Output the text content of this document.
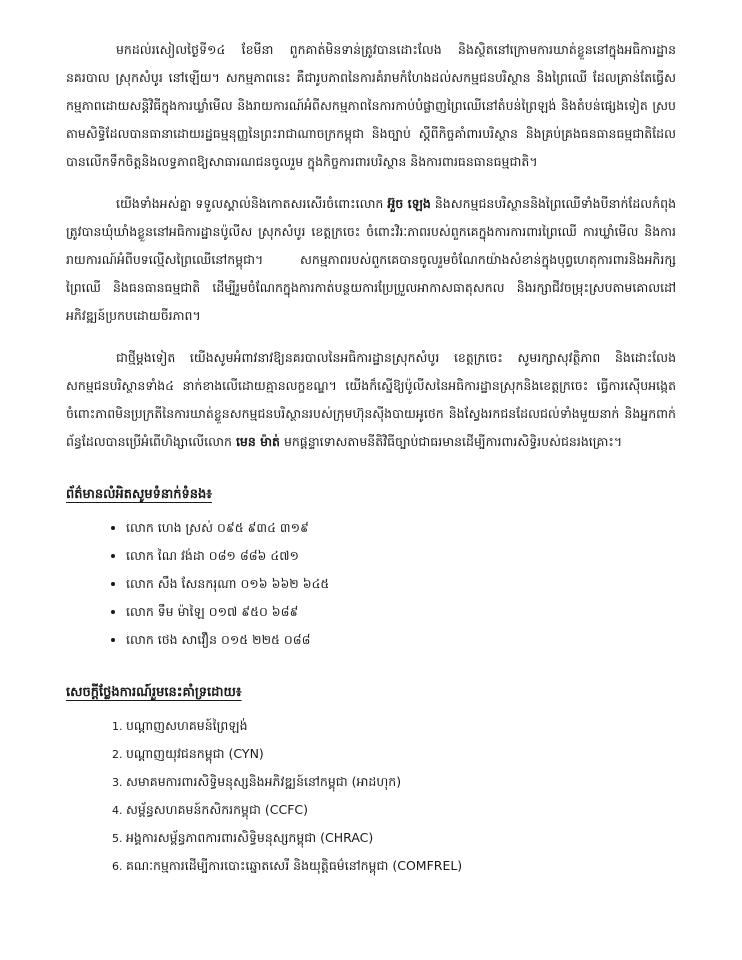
មកដល់រសៀលថ្ងៃទី១៤ ខែមីនា ពួកគាត់មិនទាន់ត្រូវបានដោះលែង និងស្ថិតនៅក្រោមការឃាត់ខ្លួននៅក្នុងអធិការដ្ឋាននគរបាល ស្រុកសំបូរ នៅឡើយ។ សកម្មភាពនេះ គឺជារូបភាពនៃការគំរាមកំហែងដល់សកម្មជនបរិស្ថាន និងព្រៃឈើ ដែលគ្រាន់តែធ្វើសកម្មភាពដោយសន្តិវិធីក្នុងការឃ្លាំមើល និងរាយការណ៍អំពីសកម្មភាពនៃការកាប់បំផ្លាញព្រៃឈើនៅតំបន់ព្រៃឡង់ និងតំបន់ផ្សេងទៀត ស្របតាមសិទ្ធិដែលបានធានាដោយរដ្ឋធម្មនុញ្ញនៃព្រះរាជាណាចក្រកម្ពុជា និងច្បាប់ ស្តីពីកិច្ចគាំពារបរិស្ថាន និងគ្រប់គ្រងធនធានធម្មជាតិដែលបានលើកទឹកចិត្តនិងលទ្ធភាពឱ្យសាធារណជនចូលរួម ក្នុងកិច្ចការពារបរិស្ថាន និងការពារធនធានធម្មជាតិ។

យើងទាំងអស់គ្នា ទទួលស្គាល់និងកោតសរសើរចំពោះលោក អ៊ួច ឡេង និងសកម្មជនបរិស្ថាននិងព្រៃឈើទាំងបីនាក់ដែលកំពុងត្រូវបានឃុំឃាំងខ្លួននៅអធិការដ្ឋានប៉ូលីស ស្រុកសំបូរ ខេត្តក្រចេះ ចំពោះវិរៈភាពរបស់ពួកគេក្នុងការការពារព្រៃឈើ ការឃ្លាំមើល និងការរាយការណ៍អំពីបទល្មើសព្រៃឈើនៅកម្ពុជា។ សកម្មភាពរបស់ពួកគេបានចូលរួមចំណែកយ៉ាងសំខាន់ក្នុងបុព្វហេតុការពារនិងអភិរក្សព្រៃឈើ និងធនធានធម្មជាតិ ដើម្បីរួមចំណែកក្នុងការកាត់បន្ថយការប្រែប្រួលអាកាសធាតុសកល និងរក្សាជីវចម្រុះស្របតាមគោលដៅអភិវឌ្ឍន៍ប្រកបដោយចីរភាព។

ជាថ្មីម្តងទៀត យើងសូមអំពាវនាវឱ្យនគរបាលនៃអធិការដ្ឋានស្រុកសំបូរ ខេត្តក្រចេះ សូមរក្សាសុវត្ថិភាព និងដោះលែងសកម្មជនបរិស្ថានទាំង៤ នាក់ខាងលើដោយគ្មានលក្ខខណ្ឌ។ យើងក៏ស្នើឱ្យប៉ូលីសនៃអធិការដ្ឋានស្រុកនិងខេត្តក្រចេះ ធ្វើការស៊ើបអង្កេតចំពោះភាពមិនប្រក្រតីនៃការឃាត់ខ្លួនសកម្មជនបរិស្ថានរបស់ក្រុមហ៊ុនស៊ីងបាយអូថេក និងស្វែងរកជនដែលជល់ទាំងមួយនាក់ និងអ្នកពាក់ព័ន្ធដែលបានប្រើអំពើហិង្សាលើលោក មេន ម៉ាត់ មកផ្តន្ទាទោសតាមនីតិវិធីច្បាប់ជាធរមានដើម្បីការពារសិទ្ធិរបស់ជនរងគ្រោះ។

ព័ត៌មានលំអិតសូមទំនាក់ទំនង៖
• លោក ហេង ស្រស់ ០៩៥ ៩៣៤ ៣១៩
• លោក ណៃ វង់ដា ០៨១ ៨៨៦ ៤៧១
• លោក សឹង សែនករុណា ០១៦ ៦៦២ ៦៤៥
• លោក ទឹម ម៉ាឡៃ ០១៧ ៩៥០ ៦៨៩
• លោក ថេង សាវឿន ០១៥ ២២៥ ០៨៨
សេចក្តីថ្លែងការណ៍រួមនេះគាំទ្រដោយ៖
1. បណ្តាញសហគមន៍ព្រៃឡង់
2. បណ្តាញយុវជនកម្ពុជា (CYN)
3. សមាគមការពារសិទ្ធិមនុស្សនិងអភិវឌ្ឍន៍នៅកម្ពុជា (អាដហុក)
4. សម្ព័ន្ធសហគមន៍កសិករកម្ពុជា (CCFC)
5. អង្គការសម្ព័ន្ធភាពការពារសិទ្ធិមនុស្សកម្ពុជា (CHRAC)
6. គណៈកម្មការដើម្បីការបោះឆ្នោតសេរី និងយុត្តិធម៌នៅកម្ពុជា (COMFREL)
